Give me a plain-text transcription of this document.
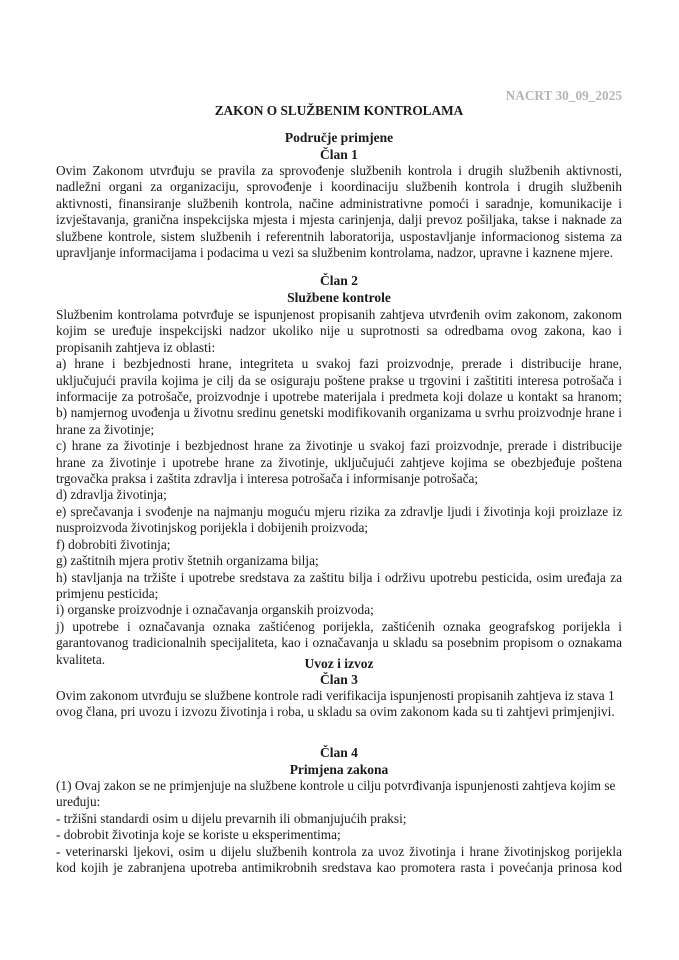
NACRT 30_09_2025
ZAKON O SLUŽBENIM KONTROLAMA
Područje primjene
Član 1

Ovim Zakonom utvrđuju se pravila za sprovođenje službenih kontrola i drugih službenih aktivnosti,

nadležni organi za organizaciju, sprovođenje i koordinaciju službenih kontrola i drugih službenih

aktivnosti, finansiranje službenih kontrola, načine administrativne pomoći i saradnje, komunikacije i

izvještavanja, granična inspekcijska mjesta i mjesta carinjenja, dalji prevoz pošiljaka, takse i naknade za

službene kontrole, sistem službenih i referentnih laboratorija, uspostavljanje informacionog sistema za

upravljanje informacijama i podacima u vezi sa službenim kontrolama, nadzor, upravne i kaznene mjere.

Član 2
Službene kontrole

Službenim kontrolama potvrđuje se ispunjenost propisanih zahtjeva utvrđenih ovim zakonom, zakonom

kojim se uređuje inspekcijski nadzor ukoliko nije u suprotnosti sa odredbama ovog zakona, kao i

propisanih zahtjeva iz oblasti:

a) hrane i bezbjednosti hrane, integriteta u svakoj fazi proizvodnje, prerade i distribucije hrane,

uključujući pravila kojima je cilj da se osiguraju poštene prakse u trgovini i zaštititi interesa potrošača i

informacije za potrošače, proizvodnje i upotrebe materijala i predmeta koji dolaze u kontakt sa hranom;

b) namjernog uvođenja u životnu sredinu genetski modifikovanih organizama u svrhu proizvodnje hrane i

hrane za životinje;

c) hrane za životinje i bezbjednost hrane za životinje u svakoj fazi proizvodnje, prerade i distribucije

hrane za životinje i upotrebe hrane za životinje, uključujući zahtjeve kojima se obezbjeđuje poštena

trgovačka praksa i zaštita zdravlja i interesa potrošača i informisanje potrošača;

d) zdravlja životinja;

e) sprečavanja i svođenje na najmanju moguću mjeru rizika za zdravlje ljudi i životinja koji proizlaze iz

nusproizvoda životinjskog porijekla i dobijenih proizvoda;

f) dobrobiti životinja;

g) zaštitnih mjera protiv štetnih organizama bilja;

h) stavljanja na tržište i upotrebe sredstava za zaštitu bilja i održivu upotrebu pesticida, osim uređaja za

primjenu pesticida;

i) organske proizvodnje i označavanja organskih proizvoda;

j) upotrebe i označavanja oznaka zaštićenog porijekla, zaštićenih oznaka geografskog porijekla i

garantovanog tradicionalnih specijaliteta, kao i označavanja u skladu sa posebnim propisom o oznakama

kvaliteta.	Uvoz i izvoz
Član 3

Ovim zakonom utvrđuju se službene kontrole radi verifikacija ispunjenosti propisanih zahtjeva iz stava 1

ovog člana, pri uvozu i izvozu životinja i roba, u skladu sa ovim zakonom kada su ti zahtjevi primjenjivi.

Član 4
Primjena zakona

(1) Ovaj zakon se ne primjenjuje na službene kontrole u cilju potvrđivanja ispunjenosti zahtjeva kojim se

uređuju:

- tržišni standardi osim u dijelu prevarnih ili obmanjujućih praksi;

- dobrobit životinja koje se koriste u eksperimentima;

- veterinarski ljekovi, osim u dijelu službenih kontrola za uvoz životinja i hrane životinjskog porijekla

kod kojih je zabranjena upotreba antimikrobnih sredstava kao promotera rasta i povećanja prinosa kod
